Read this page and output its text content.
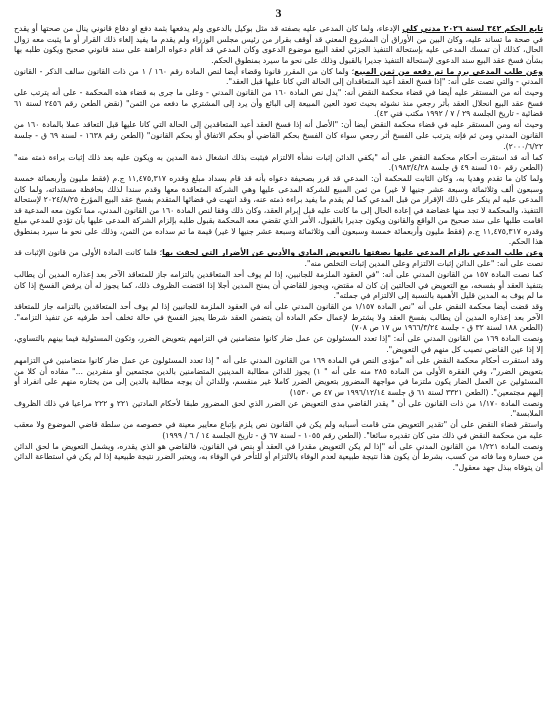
3

تابع الحكم ٣٤٢ لسنة ٢٠٢٦ مدني كلي الإدعاء، ولما كان المدعى عليه بصفته قد مثل بوكيل بالدعوى ولم يدفعها بثمة دفع او دفاع قانوني ينال من صحتها أو يقدح في صحة ما تساند عليه، وكان البين من الأوراق أن المشروع المعني قد أوقف بقرار من رئيس مجلس الوزراء ولم يقدم ما يفيد إلغاء ذلك القرار أو ما يثبت معه زوال الحال، كذلك أن تمسك المدعى عليه بإستحالة التنفيذ الجزئي لعقد البيع موضوع الدعوى وكان المدعي قد أقام دعواه الراهنة على سند قانوني صحيح ويكون طلبه بها بشأن فسخ عقد البيع سند الدعوى لإستحالة التنفيذ جديرا بالقبول وذلك على نحو ما سيرد بمنطوق الحكم.

وعن طلب المدعي برد ما تم دفعه من ثمن المبيع؛ ولما كان من المقرر قانونا وقضاء أيضا لنص المادة رقم ١٦٠ / ١ من ذات القانون سالف الذكر - القانون المدني - والتي نصت على أنه: "إذا فسخ العقد أعيد المتعاقدان إلى الحالة التي كانا عليها قبل العقد".

وحيث أنه من المستقر عليه أيضا في قضاء محكمة النقض أنه: "يدل نص المادة ١٦٠ من القانون المدني - وعلى ما جرى به قضاء هذه المحكمة - على أنه يترتب على فسخ عقد البيع انحلال العقد بأثر رجعي منذ نشوئه بحيث تعود العين المبيعة إلى البائع وأن يرد إلى المشتري ما دفعه من الثمن" (نقض الطعن رقم ٢٤٥٦ لسنة ٦١ قضائية - تاريخ الجلسة ٢٩ / ٧ / ١٩٩٢ مكتب فني ٤٣).

وحيث أنه ومن المستقر عليه في قضاء محكمة النقض أيضا أن: "الأصل أنه إذا فسخ العقد أعيد المتعاقدين إلى الحالة التي كانا عليها قبل التعاقد عملا بالمادة ١٦٠ من القانون المدني ومن ثم فإنه يترتب على الفسخ أثر رجعي سواء كان الفسخ بحكم القاضي أو بحكم الاتفاق أو بحكم القانون" (الطعن رقم ١٦٣٨ - لسنة ٦٩ ق - جلسة ٢٠٠٠/٦/٢٢).

كما أنه قد استقرت أحكام محكمة النقض على أنه "يكفي الدائن إثبات نشأة الالتزام فيثبت بذلك انشغال ذمة المدين به ويكون عليه بعد ذلك إثبات براءة ذمته منه" (الطعن رقم ١٥٠ لسنة ٤٩ ق جلسة ١٩٨٣/٤/٢٨).

ولما كان ما تقدم وهديا به، وكان الثابت للمحكمة أن: المدعي قد قرر بصحيفة دعواه بأنه قد قام بسداد مبلغ وقدره ١١,٤٧٥,٣١٧ ج.م (فقط مليون وأربعمائة خمسة وسبعون ألف وثلاثمائة وسبعة عشر جنيها لا غير) من ثمن المبيع للشركة المدعى عليها وهي الشركة المتعاقدة معها وقدم سندا لذلك بحافظة مستنداته، ولما كان المدعى عليه لم ينكر على ذلك الإقرار من قبل المدعي كما لم يقدم ما يفيد براءة ذمته عنه، وقد انتهت في قضائها المتقدم بفسخ عقد البيع المؤرخ ٢٠٢٤/٨/٢٥ لإستحالة التنفيذ، والمحكمة لا تجد منها غضاضة في إعادة الحال إلى ما كانت عليه قبل إبرام العقد، وكان ذلك وفقا لنص المادة ١٦٠ من القانون المدني، مما تكون معه المدعية قد اقامت طلبها على سند صحيح من الواقع والقانون ويكون جديرا بالقبول، الأمر الذي تقضي معه المحكمة بقبول طلبه بإلزام الشركة المدعى عليها بأن تؤدي للمدعي مبلغ وقدره ١١,٤٧٥,٣١٧ ج.م (فقط مليون وأربعمائة خمسة وسبعون ألف وثلاثمائة وسبعة عشر جنيها لا غير) قيمة ما تم سداده من الثمن، وذلك على نحو ما سيرد بمنطوق هذا الحكم.

وعن طلب المدعي بإلزام المدعى عليها بصفتها بالتعويض المادي والأدبي عن الأضرار التي لحقت بها؛ فلما كانت المادة الأولى من قانون الإثبات قد نصت على أنه: "على الدائن إثبات الالتزام وعلى المدين إثبات التخلص منه".

كما نصت المادة ١٥٧ من القانون المدني على أنه: "في العقود الملزمة للجانبين، إذا لم يوف أحد المتعاقدين بالتزامه جاز للمتعاقد الآخر بعد إعذاره المدين أن يطالب بتنفيذ العقد أو بفسخه، مع التعويض في الحالتين إن كان له مقتض، ويجوز للقاضي أن يمنح المدين أجلا إذا اقتضت الظروف ذلك، كما يجوز له أن يرفض الفسخ إذا كان ما لم يوف به المدين قليل الأهمية بالنسبة إلى الالتزام في جملته".

وقد قضت أيضا محكمة النقض على أنه "نص المادة ١/١٥٧ من القانون المدني على أنه في العقود الملزمة للجانبين إذا لم يوف أحد المتعاقدين بالتزامه جاز للمتعاقد الآخر بعد إعذاره المدين أن يطالب بفسخ العقد ولا يشترط لإعمال حكم المادة أن يتضمن العقد شرطا يجيز الفسخ في حالة تخلف أحد طرفيه عن تنفيذ التزامه". (الطعن ١٨٨ لسنة ٣٢ ق - جلسة ١٩٦٦/٣/٢٤ س ١٧ ص ٧٠٨)

ونصت المادة ١٦٩ من القانون المدني على أنه: "إذا تعدد المسئولون عن عمل ضار كانوا متضامنين في التزامهم بتعويض الضرر، وتكون المسئولية فيما بينهم بالتساوي، إلا إذا عين القاضي نصيب كل منهم في التعويض".

وقد استقرت أحكام محكمة النقض على أنه "مؤدى النص في المادة ١٦٩ من القانون المدني على أنه " إذا تعدد المسئولون عن عمل ضار كانوا متضامنين في التزامهم بتعويض الضرر"، وفي الفقرة الأولى من المادة ٢٨٥ منه على أنه " ١) يجوز للدائن مطالبة المدينين المتضامنين بالدين مجتمعين أو منفردين ..." مفاده أن كلا من المسئولين عن العمل الضار يكون ملتزما في مواجهة المضرور بتعويض الضرر كاملا غير منقسم، وللدائن أن يوجه مطالبة بالدين إلى من يختاره منهم على انفراد أو إليهم مجتمعين". (الطعن ٣٣٢١ لسنة ٦١ ق جلسة ١٩٩٦/١٢/١٤ س ٤٧ ص ١٥٣٠)

ونصت المادة ١/١٧٠ من ذات القانون على أن " يقدر القاضي مدى التعويض عن الضرر الذي لحق المضرور طبقا لأحكام المادتين ٢٢١ و ٢٢٢ مراعيا في ذلك الظروف الملابسة".

واستقر قضاء النقض على أن "تقدير التعويض متى قامت أسبابه ولم يكن في القانون نص يلزم بإتباع معايير معينة في خصوصه من سلطة قاضي الموضوع ولا معقب عليه من محكمة النقض في ذلك متى كان تقديره سائغا". (الطعن رقم ١٠٥٥ - لسنة ٦٧ ق - تاريخ الجلسة ١٤ / ٦ / ١٩٩٩)

ونصت المادة ١/٢٢١ من القانون المدني على أنه "إذا لم يكن التعويض مقدرا في العقد أو بنص في القانون، فالقاضي هو الذي يقدره، ويشمل التعويض ما لحق الدائن من خسارة وما فاته من كسب، بشرط أن يكون هذا نتيجة طبيعية لعدم الوفاء بالالتزام أو للتأخر في الوفاء به، ويعتبر الضرر نتيجة طبيعية إذا لم يكن في استطاعة الدائن أن يتوقاه ببذل جهد معقول".
